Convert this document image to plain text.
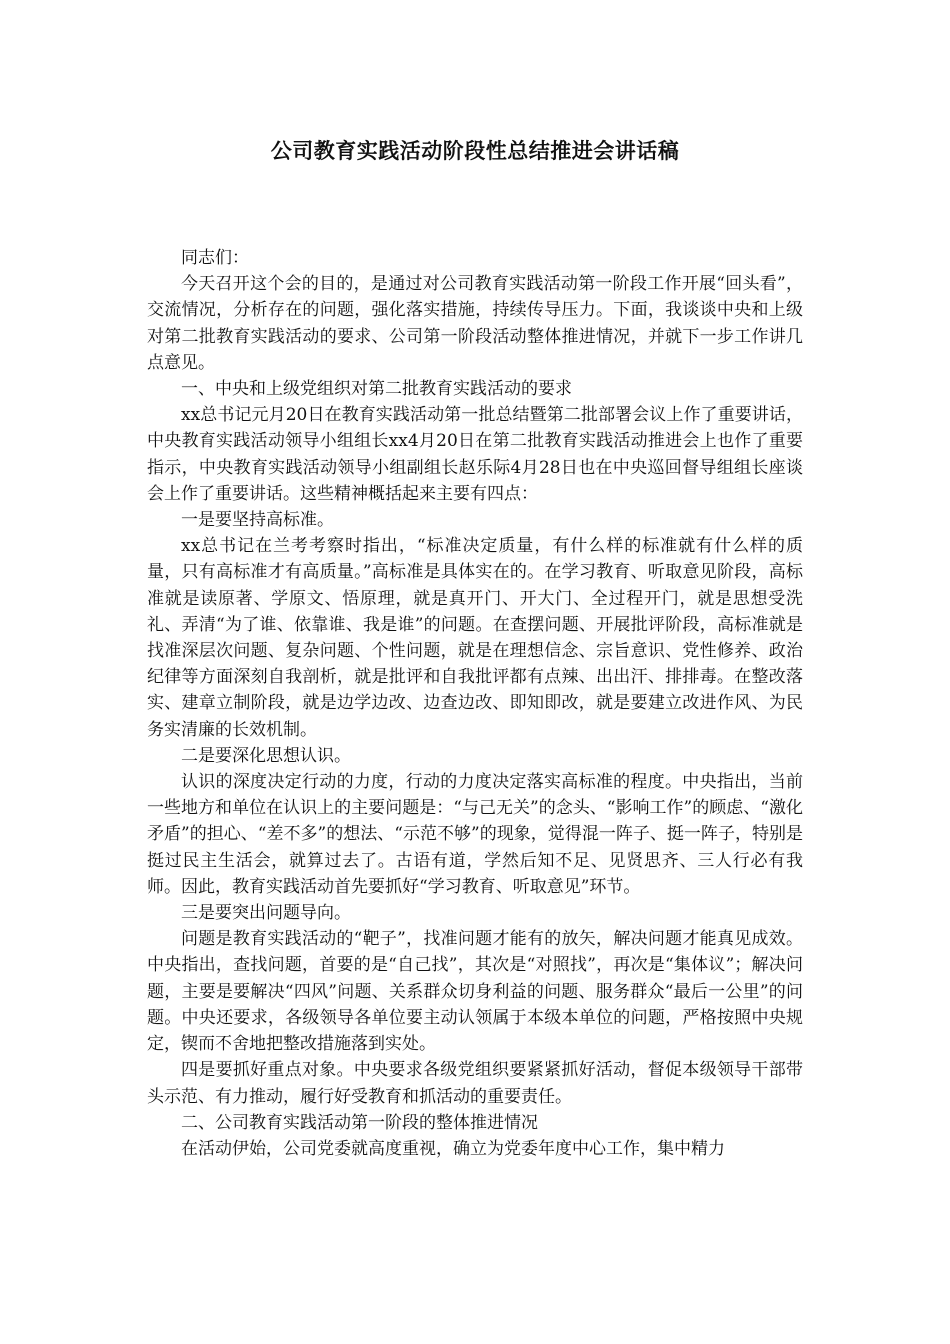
公司教育实践活动阶段性总结推进会讲话稿

同志们：

今天召开这个会的目的，是通过对公司教育实践活动第一阶段工作开展“回头看”，交流情况，分析存在的问题，强化落实措施，持续传导压力。下面，我谈谈中央和上级对第二批教育实践活动的要求、公司第一阶段活动整体推进情况，并就下一步工作讲几点意见。

一、中央和上级党组织对第二批教育实践活动的要求

xx总书记元月20日在教育实践活动第一批总结暨第二批部署会议上作了重要讲话，中央教育实践活动领导小组组长xx4月20日在第二批教育实践活动推进会上也作了重要指示，中央教育实践活动领导小组副组长赵乐际4月28日也在中央巡回督导组组长座谈会上作了重要讲话。这些精神概括起来主要有四点：

一是要坚持高标准。

xx总书记在兰考考察时指出，“标准决定质量，有什么样的标准就有什么样的质量，只有高标准才有高质量。”高标准是具体实在的。在学习教育、听取意见阶段，高标准就是读原著、学原文、悟原理，就是真开门、开大门、全过程开门，就是思想受洗礼、弄清“为了谁、依靠谁、我是谁”的问题。在查摆问题、开展批评阶段，高标准就是找准深层次问题、复杂问题、个性问题，就是在理想信念、宗旨意识、党性修养、政治纪律等方面深刻自我剖析，就是批评和自我批评都有点辣、出出汗、排排毒。在整改落实、建章立制阶段，就是边学边改、边查边改、即知即改，就是要建立改进作风、为民务实清廉的长效机制。

二是要深化思想认识。

认识的深度决定行动的力度，行动的力度决定落实高标准的程度。中央指出，当前一些地方和单位在认识上的主要问题是：“与己无关”的念头、“影响工作”的顾虑、“激化矛盾”的担心、“差不多”的想法、“示范不够”的现象，觉得混一阵子、挺一阵子，特别是挺过民主生活会，就算过去了。古语有道，学然后知不足、见贤思齐、三人行必有我师。因此，教育实践活动首先要抓好“学习教育、听取意见”环节。

三是要突出问题导向。

问题是教育实践活动的“靶子”，找准问题才能有的放矢，解决问题才能真见成效。中央指出，查找问题，首要的是“自己找”，其次是“对照找”，再次是“集体议”；解决问题，主要是要解决“四风”问题、关系群众切身利益的问题、服务群众“最后一公里”的问题。中央还要求，各级领导各单位要主动认领属于本级本单位的问题，严格按照中央规定，锲而不舍地把整改措施落到实处。

四是要抓好重点对象。中央要求各级党组织要紧紧抓好活动，督促本级领导干部带头示范、有力推动，履行好受教育和抓活动的重要责任。

二、公司教育实践活动第一阶段的整体推进情况

在活动伊始，公司党委就高度重视，确立为党委年度中心工作，集中精力
